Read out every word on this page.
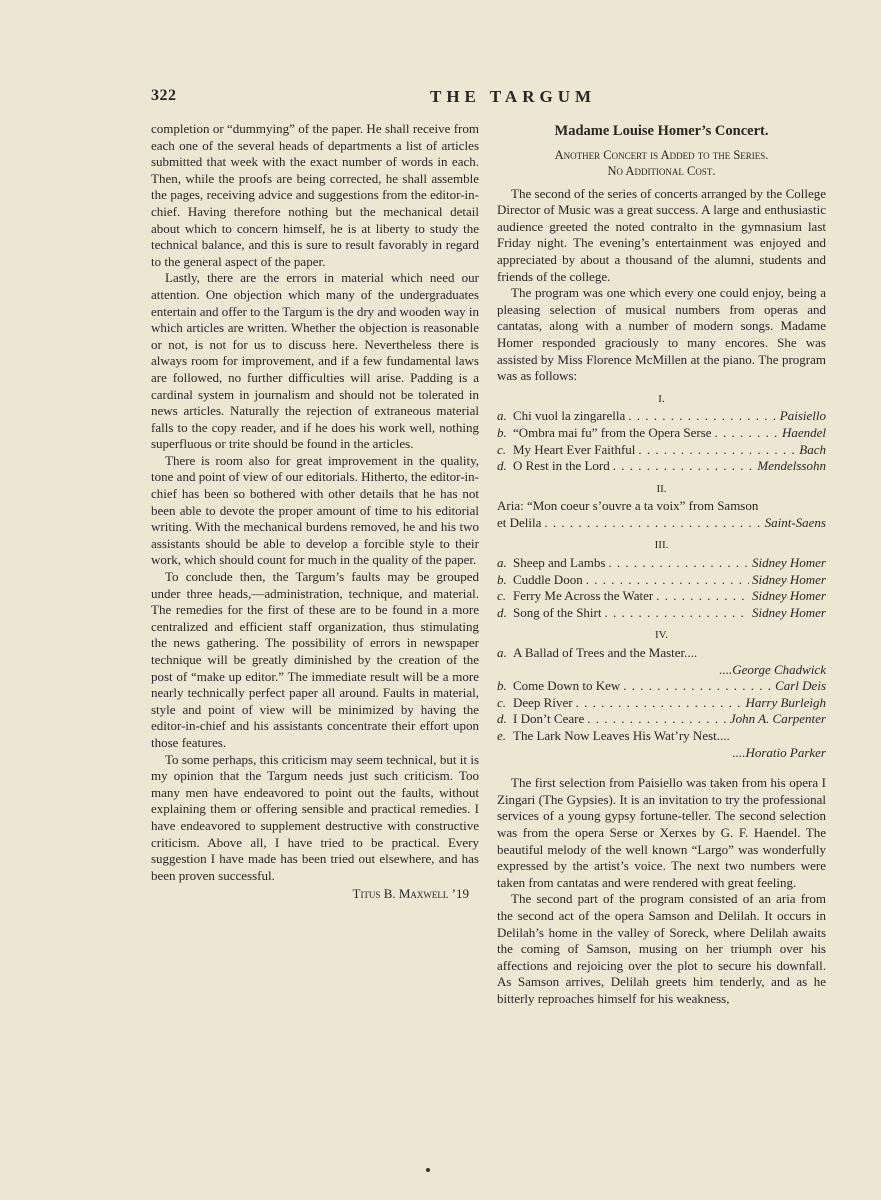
322	THE TARGUM

completion or “dummying” of the paper. He shall receive from each one of the several heads of departments a list of articles submitted that week with the exact number of words in each. Then, while the proofs are being corrected, he shall assemble the pages, receiving advice and suggestions from the editor-in-chief. Having therefore nothing but the mechanical detail about which to concern himself, he is at liberty to study the technical balance, and this is sure to result favorably in regard to the general aspect of the paper.

Lastly, there are the errors in material which need our attention. One objection which many of the undergraduates entertain and offer to the Targum is the dry and wooden way in which articles are written. Whether the objection is reasonable or not, is not for us to discuss here. Nevertheless there is always room for improvement, and if a few fundamental laws are followed, no further difficulties will arise. Padding is a cardinal system in journalism and should not be tolerated in news articles. Naturally the rejection of extraneous material falls to the copy reader, and if he does his work well, nothing superfluous or trite should be found in the articles.

There is room also for great improvement in the quality, tone and point of view of our editorials. Hitherto, the editor-in-chief has been so bothered with other details that he has not been able to devote the proper amount of time to his editorial writing. With the mechanical burdens removed, he and his two assistants should be able to develop a forcible style to their work, which should count for much in the quality of the paper.

To conclude then, the Targum’s faults may be grouped under three heads,—administration, technique, and material. The remedies for the first of these are to be found in a more centralized and efficient staff organization, thus stimulating the news gathering. The possibility of errors in newspaper technique will be greatly diminished by the creation of the post of “make up editor.” The immediate result will be a more nearly technically perfect paper all around. Faults in material, style and point of view will be minimized by having the editor-in-chief and his assistants concentrate their effort upon those features.

To some perhaps, this criticism may seem technical, but it is my opinion that the Targum needs just such criticism. Too many men have endeavored to point out the faults, without explaining them or offering sensible and practical remedies. I have endeavored to supplement destructive with constructive criticism. Above all, I have tried to be practical. Every suggestion I have made has been tried out elsewhere, and has been proven successful.

Titus B. Maxwell ’19
Madame Louise Homer’s Concert.
Another Concert is Added to the Series.
No Additional Cost.

The second of the series of concerts arranged by the College Director of Music was a great success. A large and enthusiastic audience greeted the noted contralto in the gymnasium last Friday night. The evening’s entertainment was enjoyed and appreciated by about a thousand of the alumni, students and friends of the college.

The program was one which every one could enjoy, being a pleasing selection of musical numbers from operas and cantatas, along with a number of modern songs. Madame Homer responded graciously to many encores. She was assisted by Miss Florence McMillen at the piano. The program was as follows:

I.
a. Chi vuol la zingarella . . .	Paisiello
b. “Ombra mai fu” from the Opera Serse . . .	Haendel
c. My Heart Ever Faithful . . .	Bach
d. O Rest in the Lord . . .	Mendelssohn
II.
Aria: “Mon coeur s’ouvre a ta voix” from Samson
et Delila . . .	Saint-Saens
III.
a. Sheep and Lambs . . .	Sidney Homer
b. Cuddle Doon . . .	Sidney Homer
c. Ferry Me Across the Water . . .	Sidney Homer
d. Song of the Shirt . . .	Sidney Homer
IV.
a. A Ballad of Trees and the Master....
....George Chadwick
b. Come Down to Kew . . .	Carl Deis
c. Deep River . . .	Harry Burleigh
d. I Don’t Ceare . . .	John A. Carpenter
e. The Lark Now Leaves His Wat’ry Nest....
....Horatio Parker

The first selection from Paisiello was taken from his opera I Zingari (The Gypsies). It is an invitation to try the professional services of a young gypsy fortune-teller. The second selection was from the opera Serse or Xerxes by G. F. Haendel. The beautiful melody of the well known “Largo” was wonderfully expressed by the artist’s voice. The next two numbers were taken from cantatas and were rendered with great feeling.

The second part of the program consisted of an aria from the second act of the opera Samson and Delilah. It occurs in Delilah’s home in the valley of Soreck, where Delilah awaits the coming of Samson, musing on her triumph over his affections and rejoicing over the plot to secure his downfall. As Samson arrives, Delilah greets him tenderly, and as he bitterly reproaches himself for his weakness,
